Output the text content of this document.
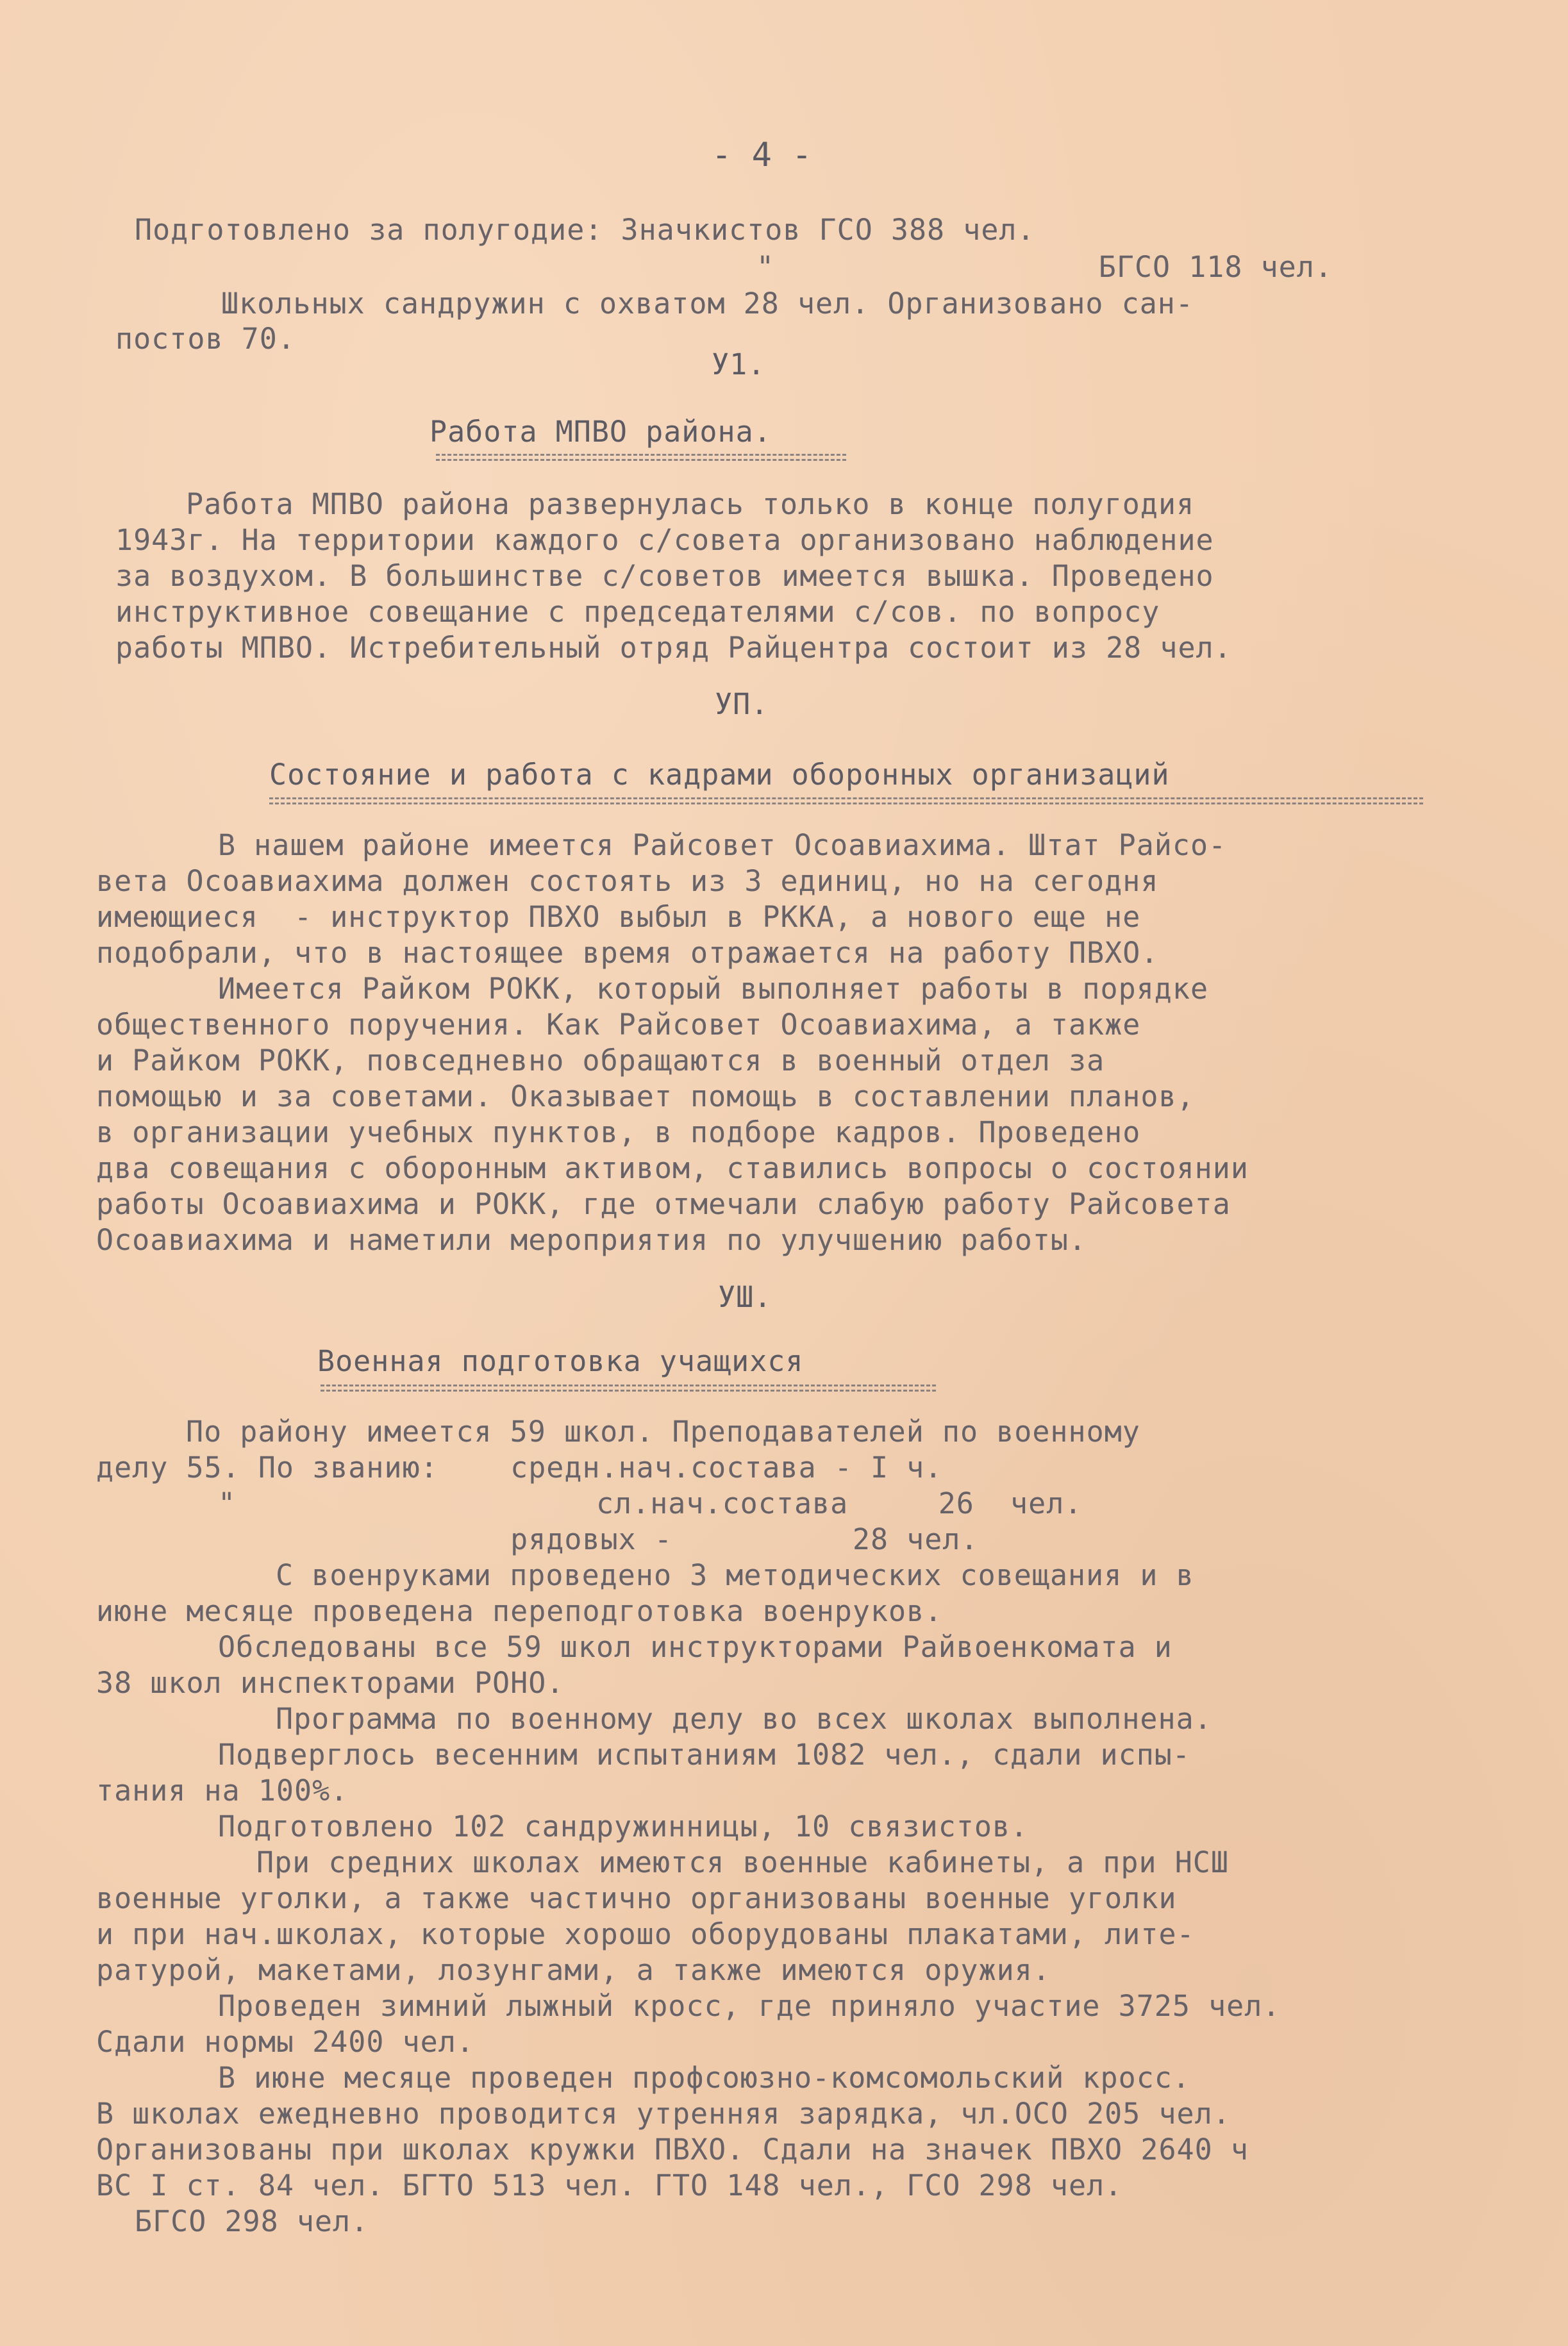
- 4 -
Подготовлено за полугодие: Значкистов ГСО 388 чел.
"                  БГСО 118 чел.
Школьных сандружин с охватом 28 чел. Организовано сан-
постов 70.
У1.
Работа МПВО района.
Работа МПВО района развернулась только в конце полугодия
1943г. На территории каждого с/совета организовано наблюдение
за воздухом. В большинстве с/советов имеется вышка. Проведено
инструктивное совещание с председателями с/сов. по вопросу
работы МПВО. Истребительный отряд Райцентра состоит из 28 чел.
УП.
Состояние и работа с кадрами оборонных организаций
В нашем районе имеется Райсовет Осоавиахима. Штат Райсо-
вета Осоавиахима должен состоять из 3 единиц, но на сегодня
имеющиеся  - инструктор ПВХО выбыл в РККА, а нового еще не
подобрали, что в настоящее время отражается на работу ПВХО.
Имеется Райком РОКК, который выполняет работы в порядке
общественного поручения. Как Райсовет Осоавиахима, а также
и Райком РОКК, повседневно обращаются в военный отдел за
помощью и за советами. Оказывает помощь в составлении планов,
в организации учебных пунктов, в подборе кадров. Проведено
два совещания с оборонным активом, ставились вопросы о состоянии
работы Осоавиахима и РОКК, где отмечали слабую работу Райсовета
Осоавиахима и наметили мероприятия по улучшению работы.
УШ.
Военная подготовка учащихся
По району имеется 59 школ. Преподавателей по военному
делу 55. По званию:    средн.нач.состава - I ч.
"                    сл.нач.состава     26  чел.
рядовых -          28 чел.
С военруками проведено 3 методических совещания и в
июне месяце проведена переподготовка военруков.
Обследованы все 59 школ инструкторами Райвоенкомата и
38 школ инспекторами РОНО.
Программа по военному делу во всех школах выполнена.
Подверглось весенним испытаниям 1082 чел., сдали испы-
тания на 100%.
Подготовлено 102 сандружинницы, 10 связистов.
При средних школах имеются военные кабинеты, а при НСШ
военные уголки, а также частично организованы военные уголки
и при нач.школах, которые хорошо оборудованы плакатами, лите-
ратурой, макетами, лозунгами, а также имеются оружия.
Проведен зимний лыжный кросс, где приняло участие 3725 чел.
Сдали нормы 2400 чел.
В июне месяце проведен профсоюзно-комсомольский кросс.
В школах ежедневно проводится утренняя зарядка, чл.ОСО 205 чел.
Организованы при школах кружки ПВХО. Сдали на значек ПВХО 2640 ч
ВС I ст. 84 чел. БГТО 513 чел. ГТО 148 чел., ГСО 298 чел.
БГСО 298 чел.
